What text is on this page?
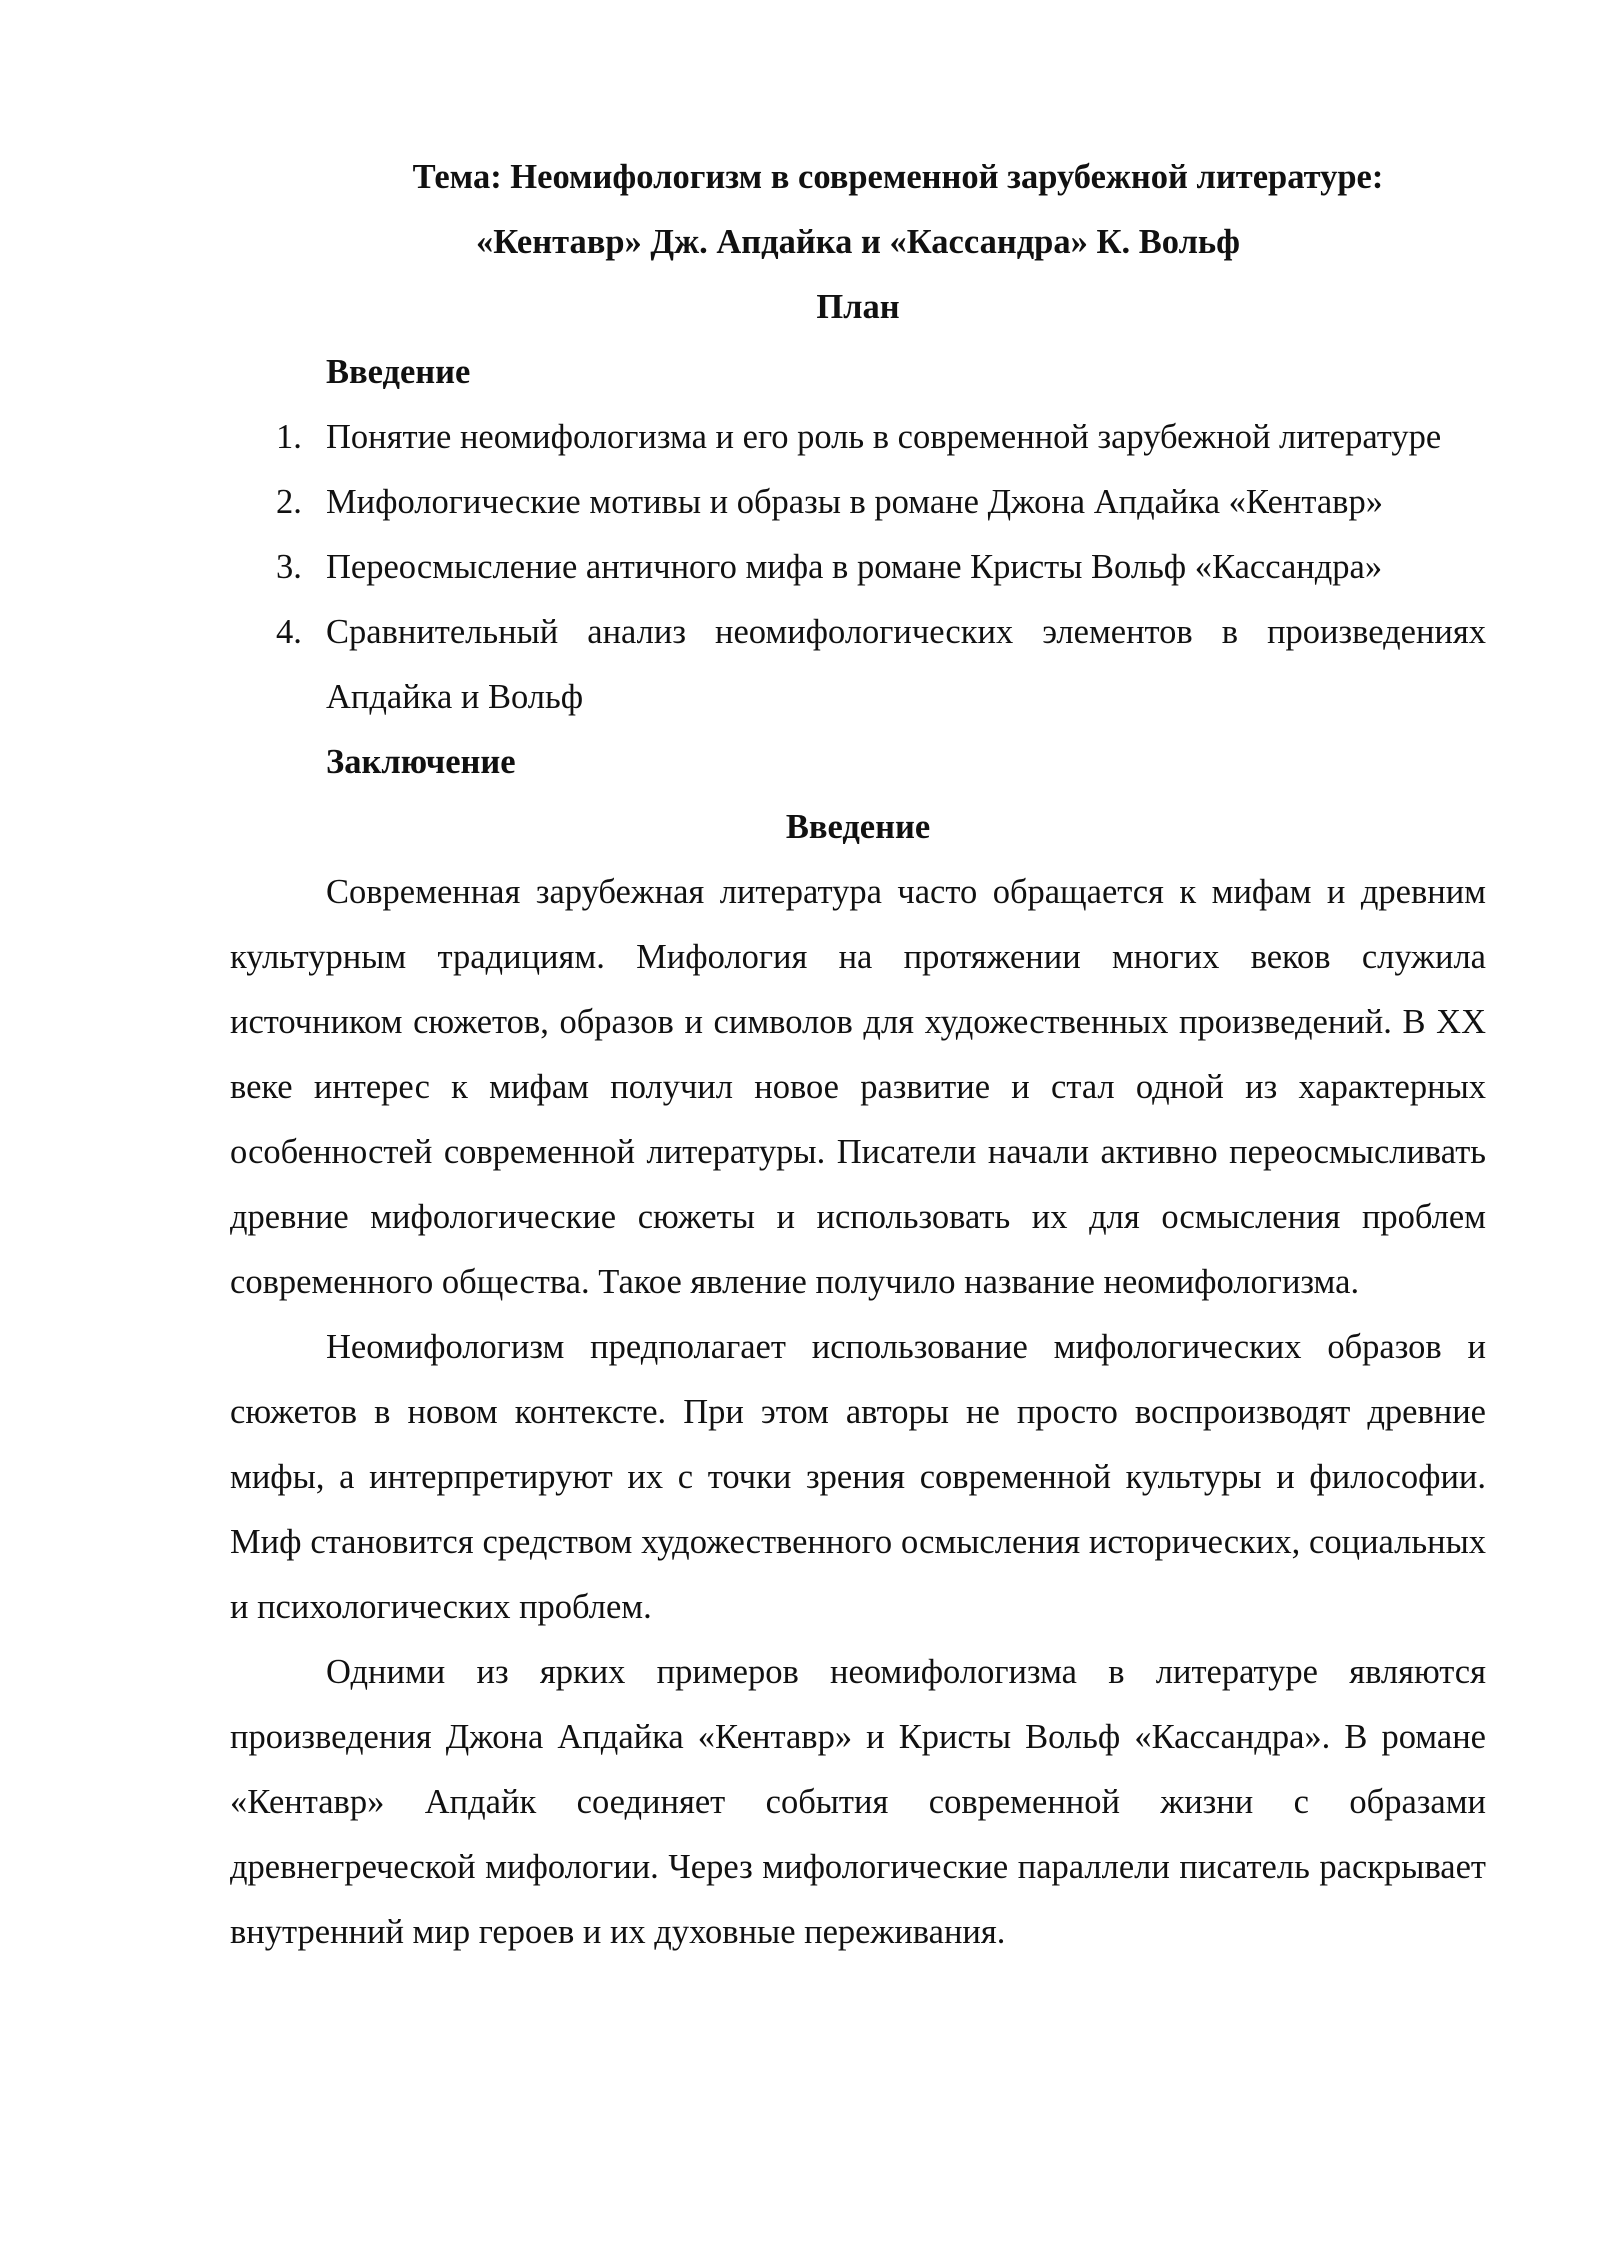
Тема: Неомифологизм в современной зарубежной литературе:

«Кентавр» Дж. Апдайка и «Кассандра» К. Вольф

План

Введение

1. Понятие неомифологизма и его роль в современной зарубежной литературе
2. Мифологические мотивы и образы в романе Джона Апдайка «Кентавр»
3. Переосмысление античного мифа в романе Кристы Вольф «Кассандра»
4. Сравнительный анализ неомифологических элементов в произведениях Апдайка и Вольф

Заключение

Введение

Современная зарубежная литература часто обращается к мифам и древним культурным традициям. Мифология на протяжении многих веков служила источником сюжетов, образов и символов для художественных произведений. В XX веке интерес к мифам получил новое развитие и стал одной из характерных особенностей современной литературы. Писатели начали активно переосмысливать древние мифологические сюжеты и использовать их для осмысления проблем современного общества. Такое явление получило название неомифологизма.

Неомифологизм предполагает использование мифологических образов и сюжетов в новом контексте. При этом авторы не просто воспроизводят древние мифы, а интерпретируют их с точки зрения современной культуры и философии. Миф становится средством художественного осмысления исторических, социальных и психологических проблем.

Одними из ярких примеров неомифологизма в литературе являются произведения Джона Апдайка «Кентавр» и Кристы Вольф «Кассандра». В романе «Кентавр» Апдайк соединяет события современной жизни с образами древнегреческой мифологии. Через мифологические параллели писатель раскрывает внутренний мир героев и их духовные переживания.
